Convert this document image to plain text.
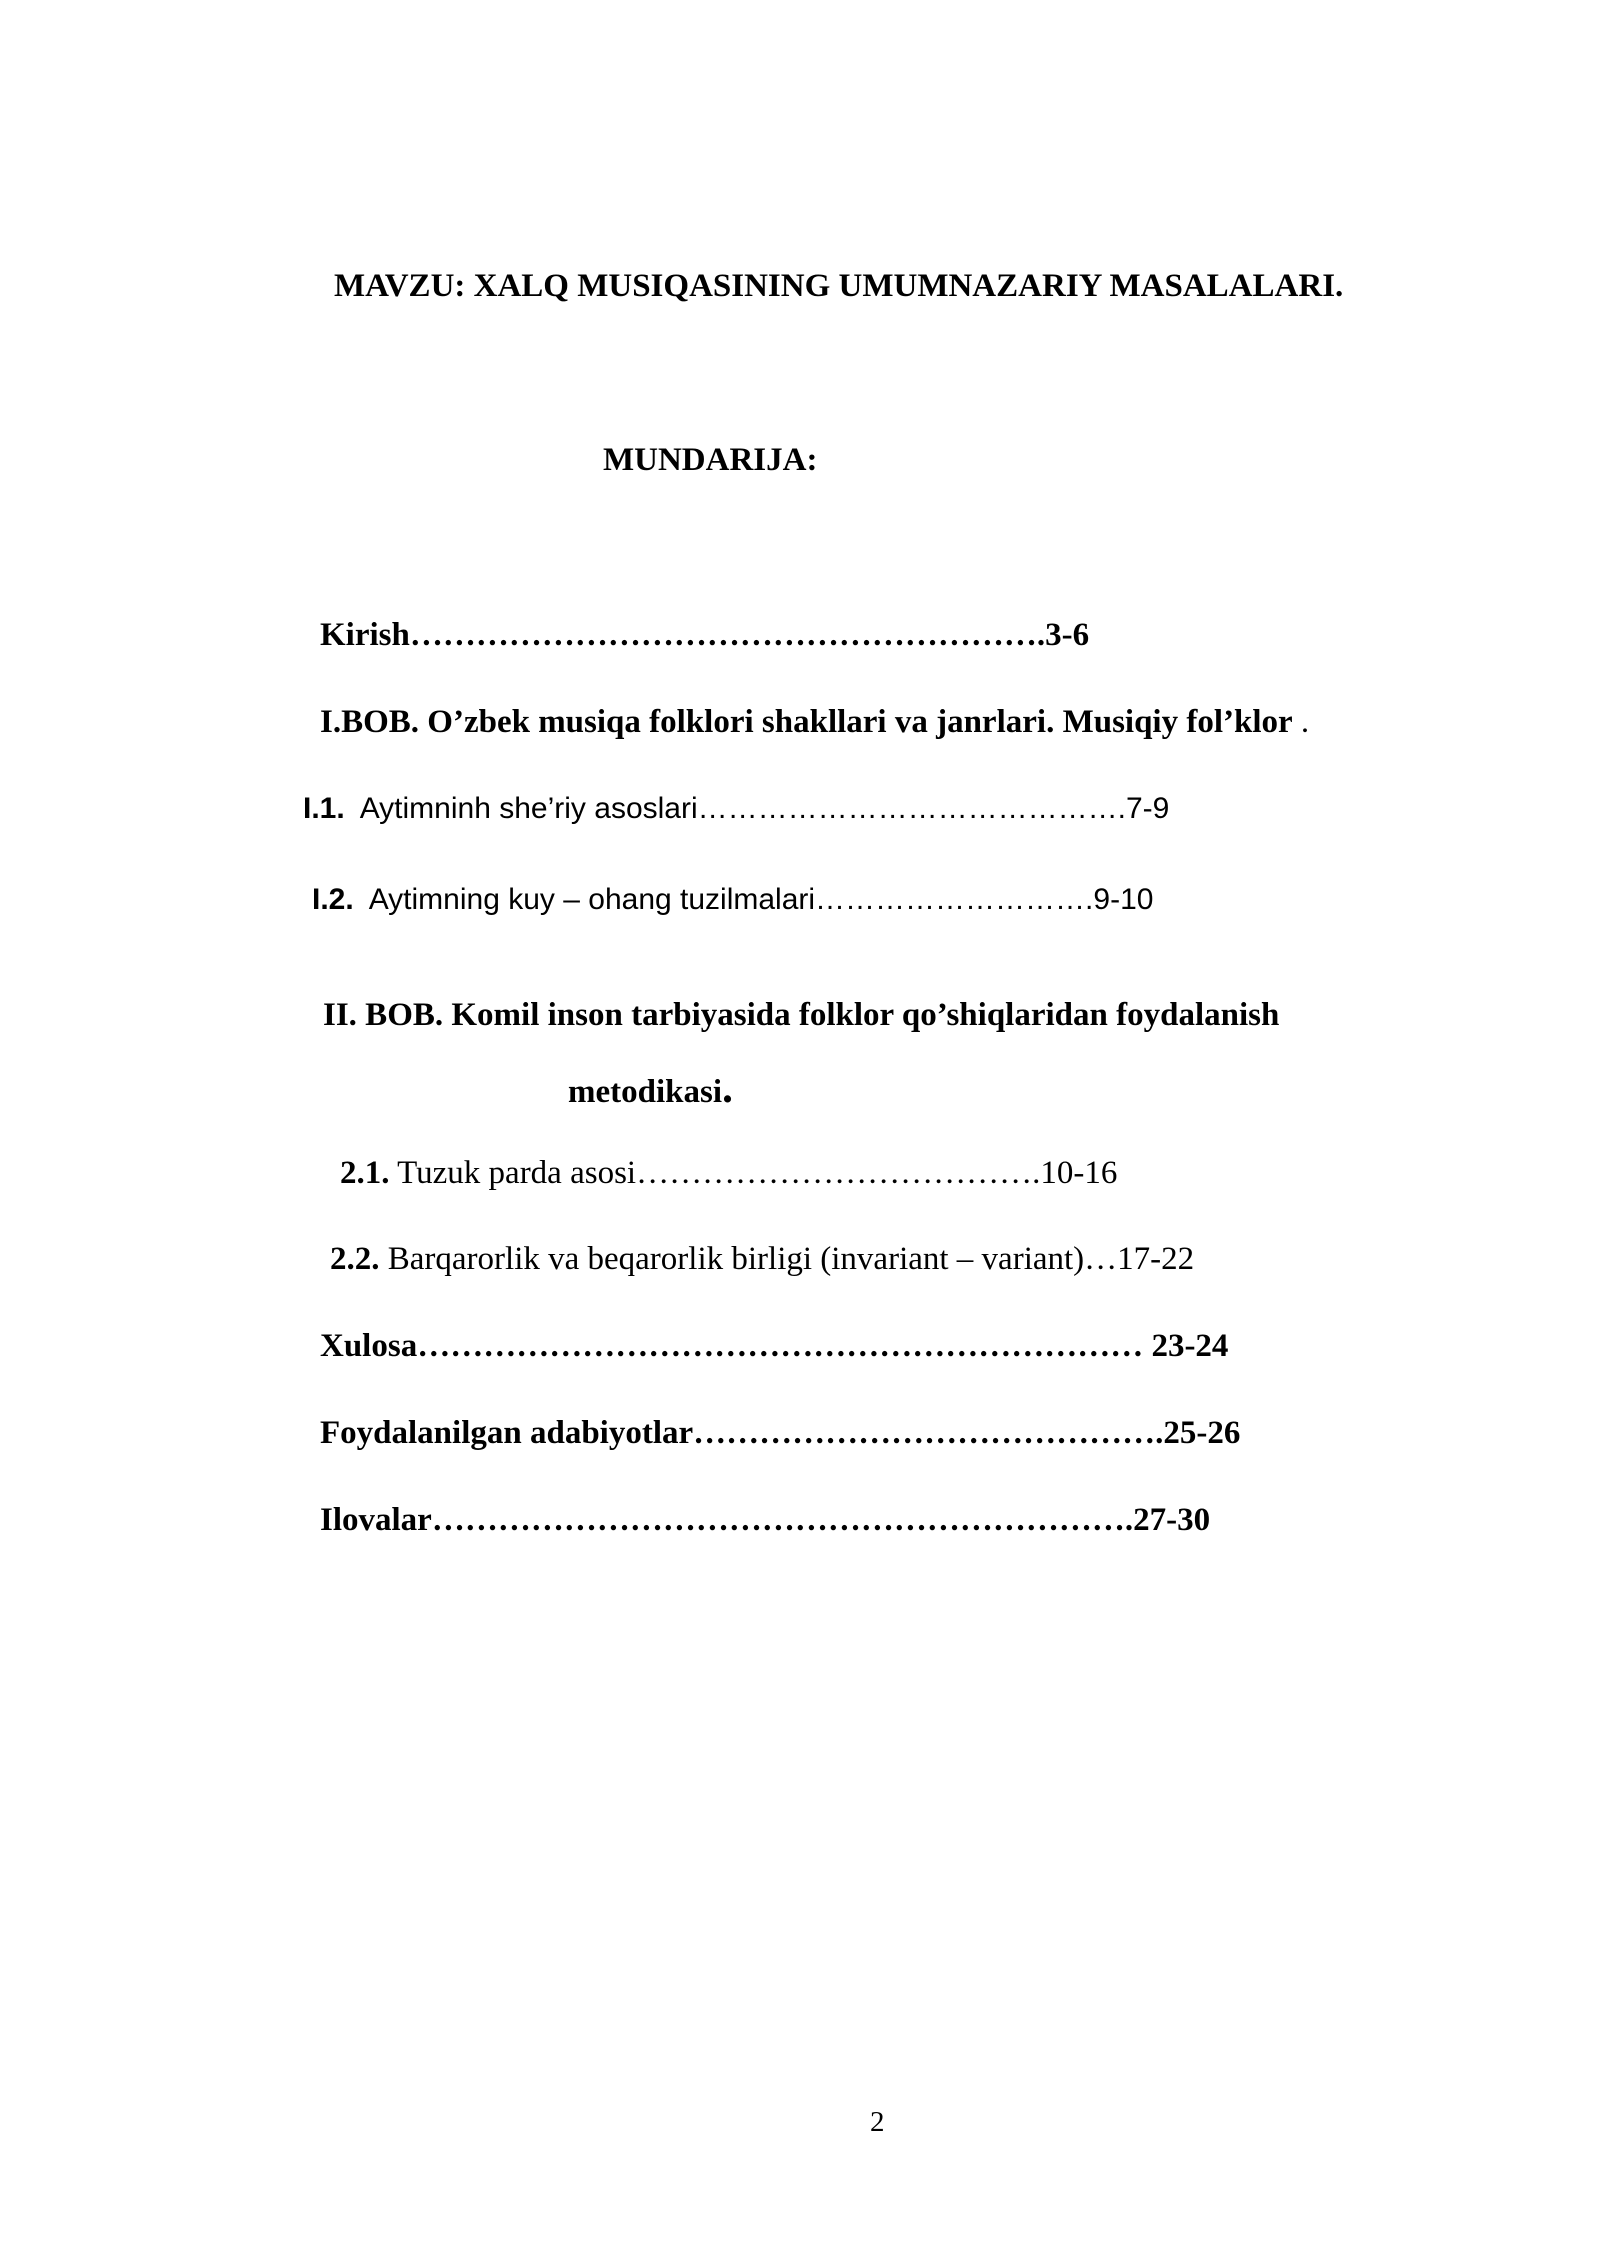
MAVZU: XALQ MUSIQASINING UMUMNAZARIY MASALALARI.
MUNDARIJA:
Kirish………………………………………………….3-6
I.BOB. O’zbek musiqa folklori shakllari va janrlari. Musiqiy fol’klor .
I.1. Aytimninh she’riy asoslari…………………………………….7-9
I.2. Aytimning kuy – ohang tuzilmalari……………………….9-10
II. BOB. Komil inson tarbiyasida folklor qo’shiqlaridan foydalanish
metodikasi.
2.1. Tuzuk parda asosi……………………………….10-16
2.2. Barqarorlik va beqarorlik birligi (invariant – variant)…17-22
Xulosa………………………………………………………… 23-24
Foydalanilgan adabiyotlar…………………………………….25-26
Ilovalar……………………………………………………….27-30
2
